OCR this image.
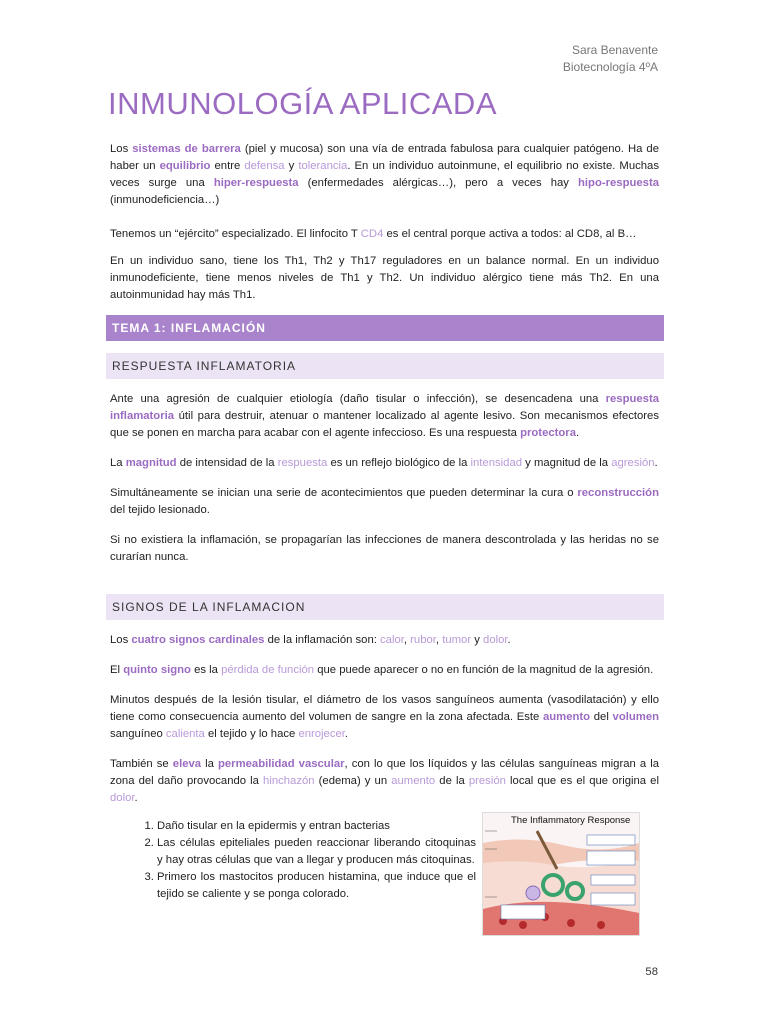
Sara Benavente
Biotecnología 4ºA
INMUNOLOGÍA APLICADA

Los sistemas de barrera (piel y mucosa) son una vía de entrada fabulosa para cualquier patógeno. Ha de haber un equilibrio entre defensa y tolerancia. En un individuo autoinmune, el equilibrio no existe. Muchas veces surge una hiper-respuesta (enfermedades alérgicas…), pero a veces hay hipo-respuesta (inmunodeficiencia…)

Tenemos un “ejército” especializado. El linfocito T CD4 es el central porque activa a todos: al CD8, al B…

En un individuo sano, tiene los Th1, Th2 y Th17 reguladores en un balance normal. En un individuo inmunodeficiente, tiene menos niveles de Th1 y Th2. Un individuo alérgico tiene más Th2. En una autoinmunidad hay más Th1.

TEMA 1: INFLAMACIÓN
RESPUESTA INFLAMATORIA

Ante una agresión de cualquier etiología (daño tisular o infección), se desencadena una respuesta inflamatoria útil para destruir, atenuar o mantener localizado al agente lesivo. Son mecanismos efectores que se ponen en marcha para acabar con el agente infeccioso. Es una respuesta protectora.

La magnitud de intensidad de la respuesta es un reflejo biológico de la intensidad y magnitud de la agresión.

Simultáneamente se inician una serie de acontecimientos que pueden determinar la cura o reconstrucción del tejido lesionado.

Si no existiera la inflamación, se propagarían las infecciones de manera descontrolada y las heridas no se curarían nunca.

SIGNOS DE LA INFLAMACION

Los cuatro signos cardinales de la inflamación son: calor, rubor, tumor y dolor.

El quinto signo es la pérdida de función que puede aparecer o no en función de la magnitud de la agresión.

Minutos después de la lesión tisular, el diámetro de los vasos sanguíneos aumenta (vasodilatación) y ello tiene como consecuencia aumento del volumen de sangre en la zona afectada. Este aumento del volumen sanguíneo calienta el tejido y lo hace enrojecer.

También se eleva la permeabilidad vascular, con lo que los líquidos y las células sanguíneas migran a la zona del daño provocando la hinchazón (edema) y un aumento de la presión local que es el que origina el dolor.

1. Daño tisular en la epidermis y entran bacterias
2. Las células epiteliales pueden reaccionar liberando citoquinas y hay otras células que van a llegar y producen más citoquinas.
3. Primero los mastocitos producen histamina, que induce que el tejido se caliente y se ponga colorado.
The Inflammatory Response
58
